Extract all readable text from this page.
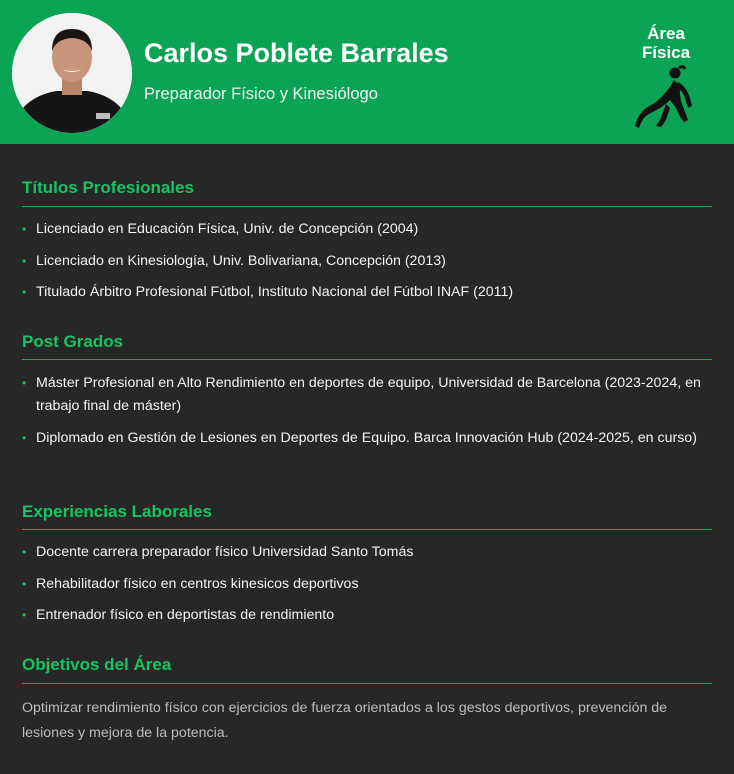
Carlos Poblete Barrales
Preparador Físico y Kinesiólogo
Área
Física
Títulos Profesionales
• Licenciado en Educación Física, Univ. de Concepción (2004)
• Licenciado en Kinesiología, Univ. Bolivariana, Concepción (2013)
• Titulado Árbitro Profesional Fútbol, Instituto Nacional del Fútbol INAF (2011)
Post Grados
• Máster Profesional en Alto Rendimiento en deportes de equipo, Universidad de Barcelona (2023-2024, en trabajo final de máster)
• Diplomado en Gestión de Lesiones en Deportes de Equipo. Barca Innovación Hub (2024-2025, en curso)
Experiencias Laborales
• Docente carrera preparador físico Universidad Santo Tomás
• Rehabilitador físico en centros kinesicos deportivos
• Entrenador físico en deportistas de rendimiento
Objetivos del Área
Optimizar rendimiento físico con ejercicios de fuerza orientados a los gestos deportivos, prevención de lesiones y mejora de la potencia.
